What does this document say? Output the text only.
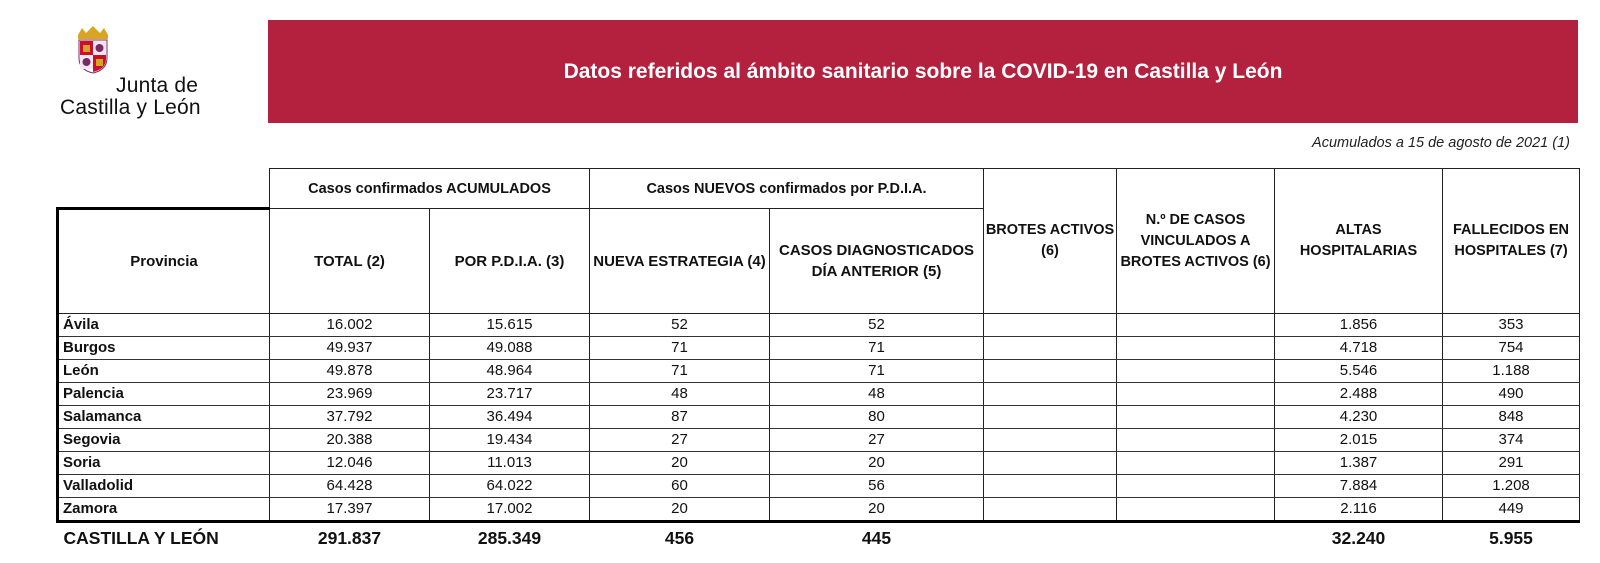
Junta de
Castilla y León
Datos referidos al ámbito sanitario sobre la COVID-19 en Castilla y León
Acumulados a 15 de agosto de 2021 (1)
	Casos confirmados ACUMULADOS		Casos NUEVOS confirmados por P.D.I.A.		BROTES ACTIVOS (6)	N.º DE CASOS VINCULADOS A BROTES ACTIVOS (6)	ALTAS HOSPITALARIAS	FALLECIDOS EN HOSPITALES (7)
Provincia	TOTAL (2)	POR P.D.I.A. (3)	NUEVA ESTRATEGIA (4)	CASOS DIAGNOSTICADOS DÍA ANTERIOR (5)				
Ávila	16.002	15.615	52	52			1.856	353
Burgos	49.937	49.088	71	71			4.718	754
León	49.878	48.964	71	71			5.546	1.188
Palencia	23.969	23.717	48	48			2.488	490
Salamanca	37.792	36.494	87	80			4.230	848
Segovia	20.388	19.434	27	27			2.015	374
Soria	12.046	11.013	20	20			1.387	291
Valladolid	64.428	64.022	60	56			7.884	1.208
Zamora	17.397	17.002	20	20			2.116	449
CASTILLA Y LEÓN	291.837	285.349	456	445			32.240	5.955
